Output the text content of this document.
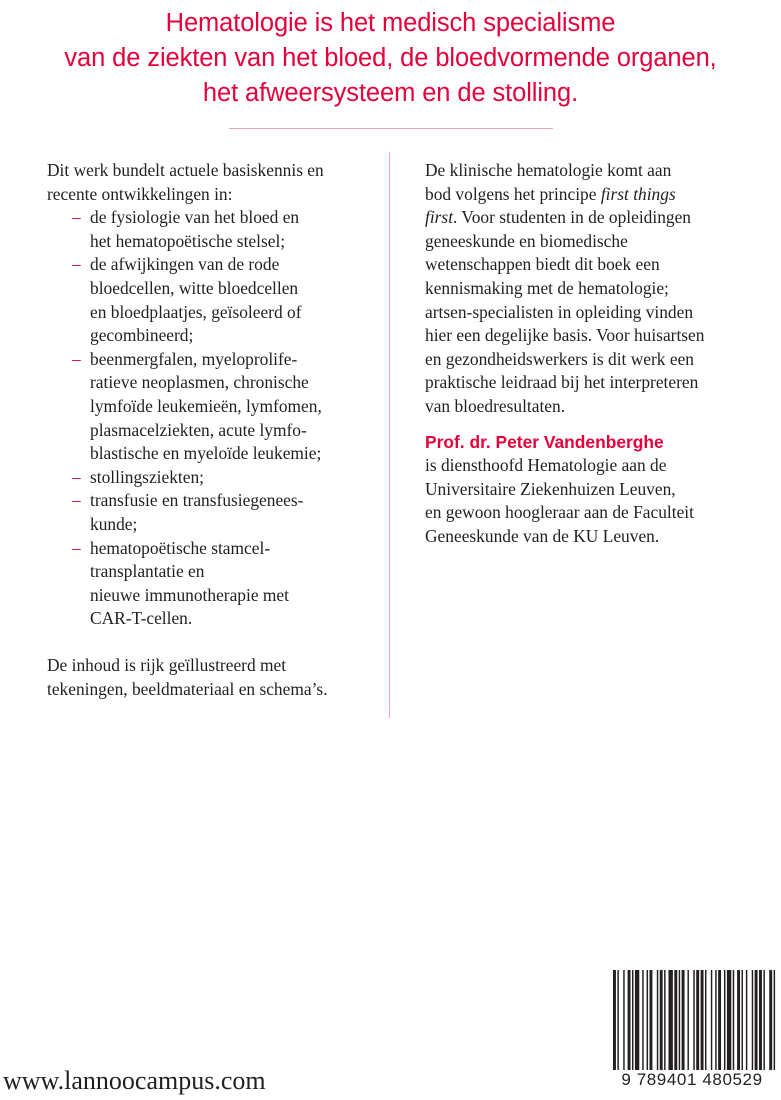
Hematologie is het medisch specialisme
van de ziekten van het bloed, de bloedvormende organen,
het afweersysteem en de stolling.

Dit werk bundelt actuele basiskennis en
recente ontwikkelingen in:

– de fysiologie van het bloed en
het hematopoëtische stelsel;
– de afwijkingen van de rode
bloedcellen, witte bloedcellen
en bloedplaatjes, geïsoleerd of
gecombineerd;
– beenmergfalen, myeloprolife-
ratieve neoplasmen, chronische
lymfoïde leukemieën, lymfomen,
plasmacelziekten, acute lymfo-
blastische en myeloïde leukemie;
– stollingsziekten;
– transfusie en transfusiegenees-
kunde;
– hematopoëtische stamcel-
transplantatie en
nieuwe immunotherapie met
CAR-T-cellen.

De inhoud is rijk geïllustreerd met
tekeningen, beeldmateriaal en schema’s.

De klinische hematologie komt aan
bod volgens het principe first things
first. Voor studenten in de opleidingen
geneeskunde en biomedische
wetenschappen biedt dit boek een
kennismaking met de hematologie;
artsen-specialisten in opleiding vinden
hier een degelijke basis. Voor huisartsen
en gezondheidswerkers is dit werk een
praktische leidraad bij het interpreteren
van bloedresultaten.

Prof. dr. Peter Vandenberghe
is diensthoofd Hematologie aan de
Universitaire Ziekenhuizen Leuven,
en gewoon hoogleraar aan de Faculteit
Geneeskunde van de KU Leuven.

www.lannoocampus.com	9 789401 480529
